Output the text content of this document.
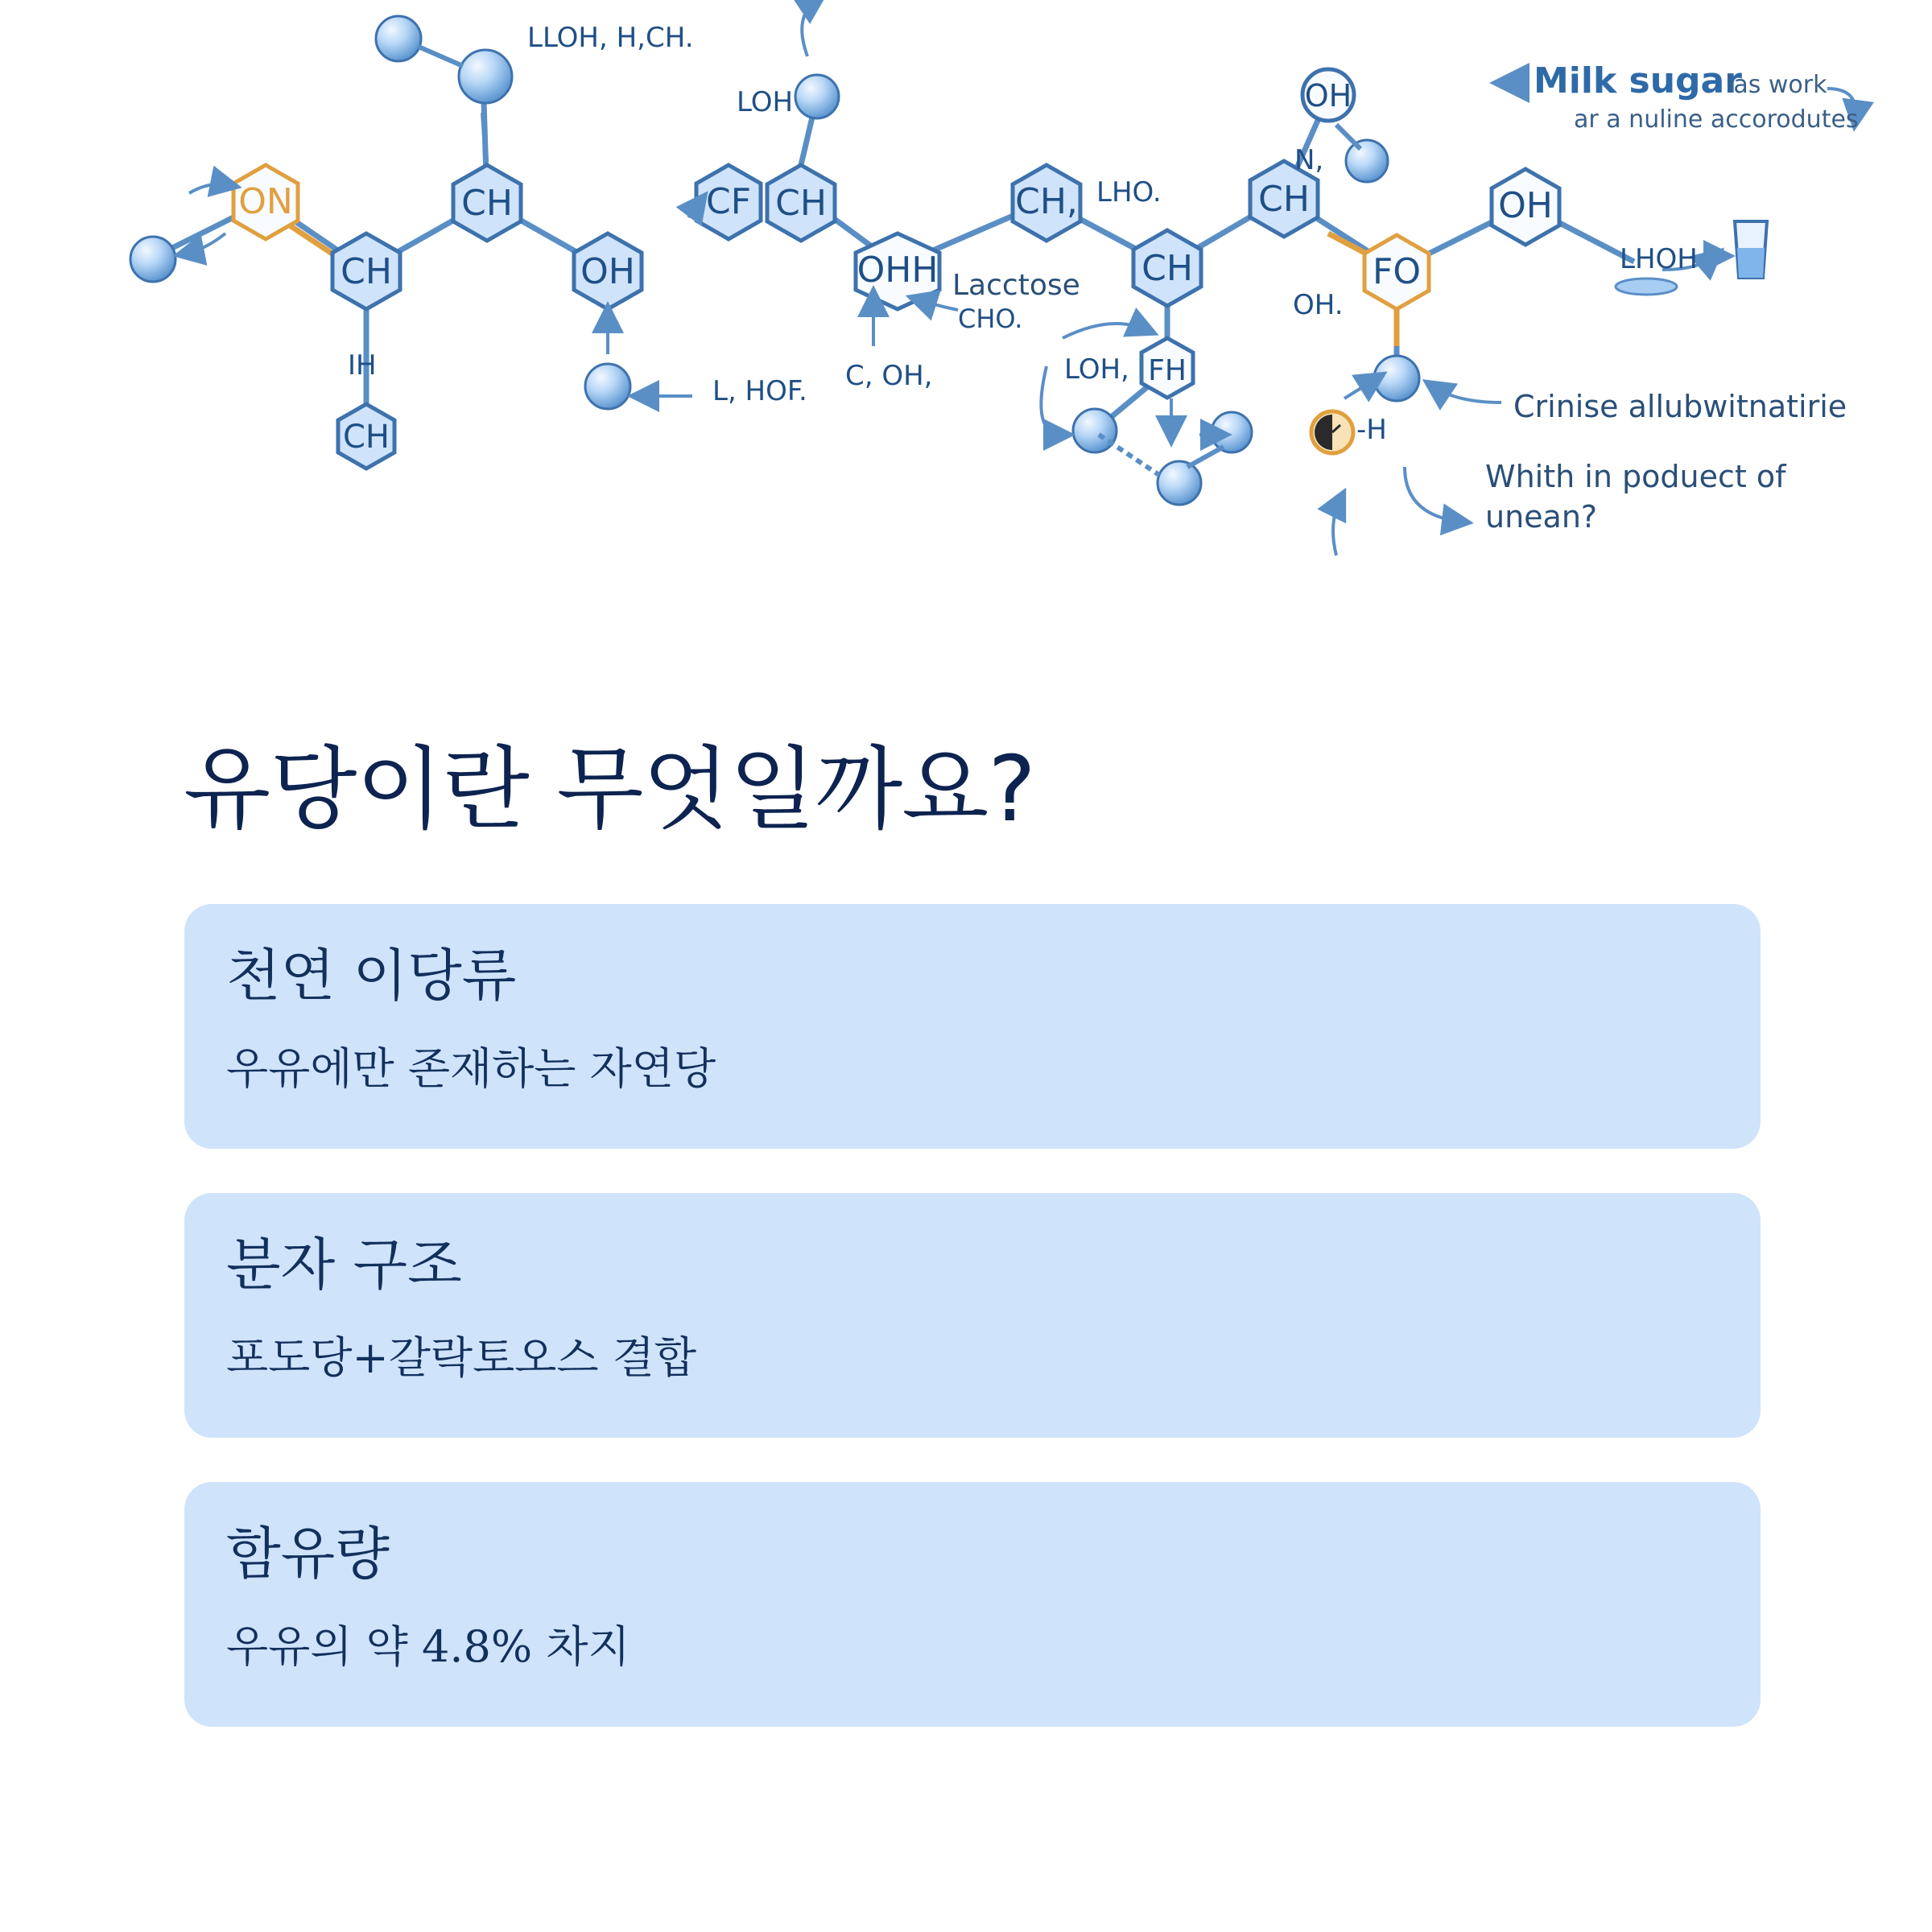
ON
CH
CH
OH
CF CH
OHH
CH,
CH
CH
FO
OH
OH
FH
CH
LLOH, H,CH.
LOH
LHO.
N,
Lacctose
CHO.
C, OH,
L, HOF.
IH	LOH,
OH.
LHOH
-H
Milk sugar
las work
ar a nuline accorodutes
Crinise allubwitnatirie
Whith in poduect of
unean?
유당이란 무엇일까요?
천연 이당류

우유에만 존재하는 자연당

분자 구조

포도당+갈락토오스 결합

함유량

우유의 약 4.8% 차지
